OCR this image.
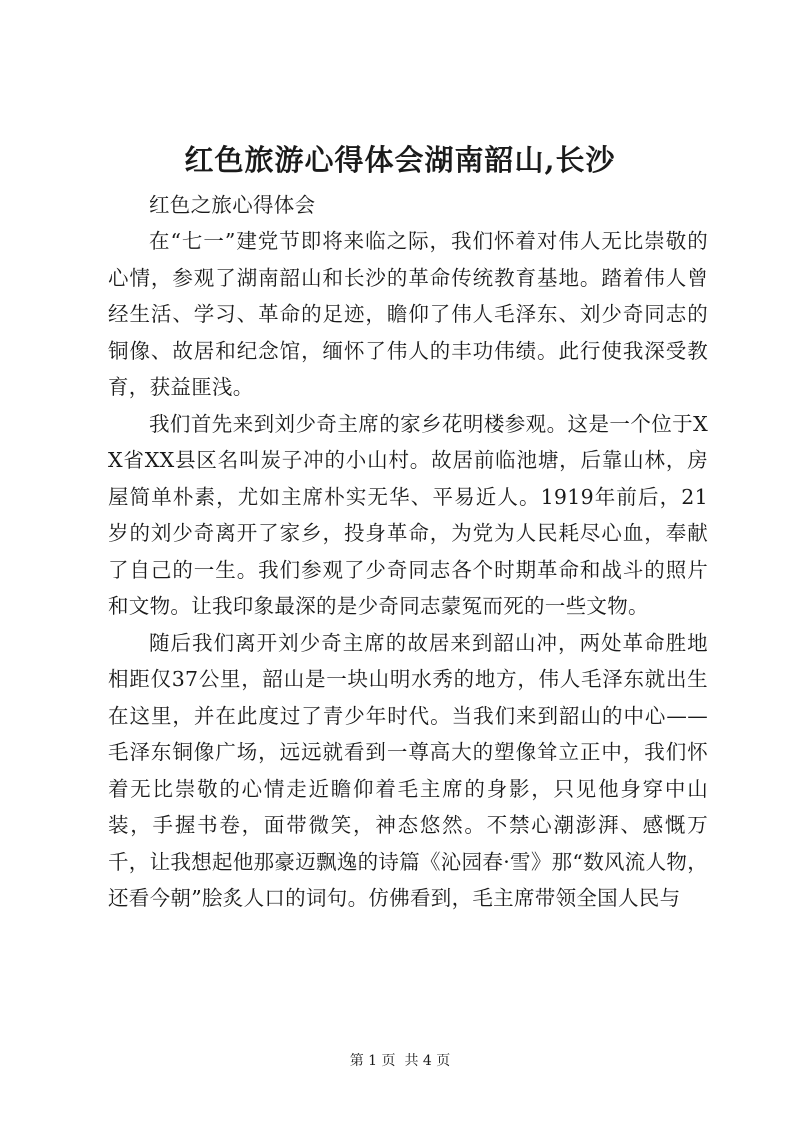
红色旅游心得体会湖南韶山,长沙

红色之旅心得体会

在“七一”建党节即将来临之际，我们怀着对伟人无比崇敬的心情，参观了湖南韶山和长沙的革命传统教育基地。踏着伟人曾经生活、学习、革命的足迹，瞻仰了伟人毛泽东、刘少奇同志的铜像、故居和纪念馆，缅怀了伟人的丰功伟绩。此行使我深受教育，获益匪浅。

我们首先来到刘少奇主席的家乡花明楼参观。这是一个位于XX省XX县区名叫炭子冲的小山村。故居前临池塘，后靠山林，房屋简单朴素，尤如主席朴实无华、平易近人。1919年前后，21岁的刘少奇离开了家乡，投身革命，为党为人民耗尽心血，奉献了自己的一生。我们参观了少奇同志各个时期革命和战斗的照片和文物。让我印象最深的是少奇同志蒙冤而死的一些文物。

随后我们离开刘少奇主席的故居来到韶山冲，两处革命胜地相距仅37公里，韶山是一块山明水秀的地方，伟人毛泽东就出生在这里，并在此度过了青少年时代。当我们来到韶山的中心——毛泽东铜像广场，远远就看到一尊高大的塑像耸立正中，我们怀着无比崇敬的心情走近瞻仰着毛主席的身影，只见他身穿中山装，手握书卷，面带微笑，神态悠然。不禁心潮澎湃、感慨万千，让我想起他那豪迈飘逸的诗篇《沁园春·雪》那“数风流人物，还看今朝”脍炙人口的词句。仿佛看到，毛主席带领全国人民与

第 1 页  共 4 页
